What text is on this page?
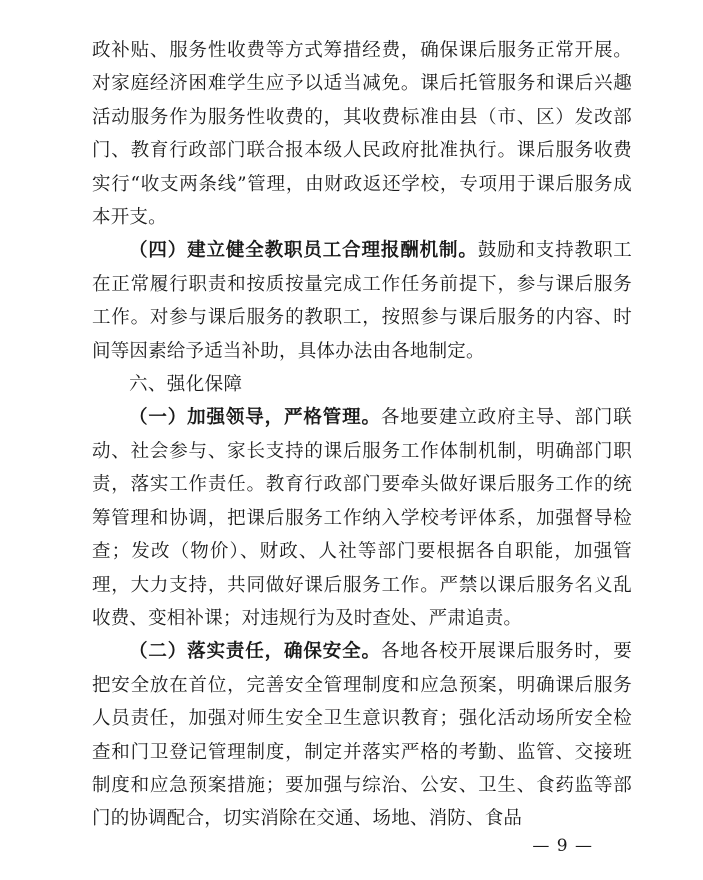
政补贴、服务性收费等方式筹措经费，确保课后服务正常开展。对家庭经济困难学生应予以适当减免。课后托管服务和课后兴趣活动服务作为服务性收费的，其收费标准由县（市、区）发改部门、教育行政部门联合报本级人民政府批准执行。课后服务收费实行“收支两条线”管理，由财政返还学校，专项用于课后服务成本开支。

（四）建立健全教职员工合理报酬机制。鼓励和支持教职工在正常履行职责和按质按量完成工作任务前提下，参与课后服务工作。对参与课后服务的教职工，按照参与课后服务的内容、时间等因素给予适当补助，具体办法由各地制定。

六、强化保障

（一）加强领导，严格管理。各地要建立政府主导、部门联动、社会参与、家长支持的课后服务工作体制机制，明确部门职责，落实工作责任。教育行政部门要牵头做好课后服务工作的统筹管理和协调，把课后服务工作纳入学校考评体系，加强督导检查；发改（物价）、财政、人社等部门要根据各自职能，加强管理，大力支持，共同做好课后服务工作。严禁以课后服务名义乱收费、变相补课；对违规行为及时查处、严肃追责。

（二）落实责任，确保安全。各地各校开展课后服务时，要把安全放在首位，完善安全管理制度和应急预案，明确课后服务人员责任，加强对师生安全卫生意识教育；强化活动场所安全检查和门卫登记管理制度，制定并落实严格的考勤、监管、交接班制度和应急预案措施；要加强与综治、公安、卫生、食药监等部门的协调配合，切实消除在交通、场地、消防、食品

— 9 —
